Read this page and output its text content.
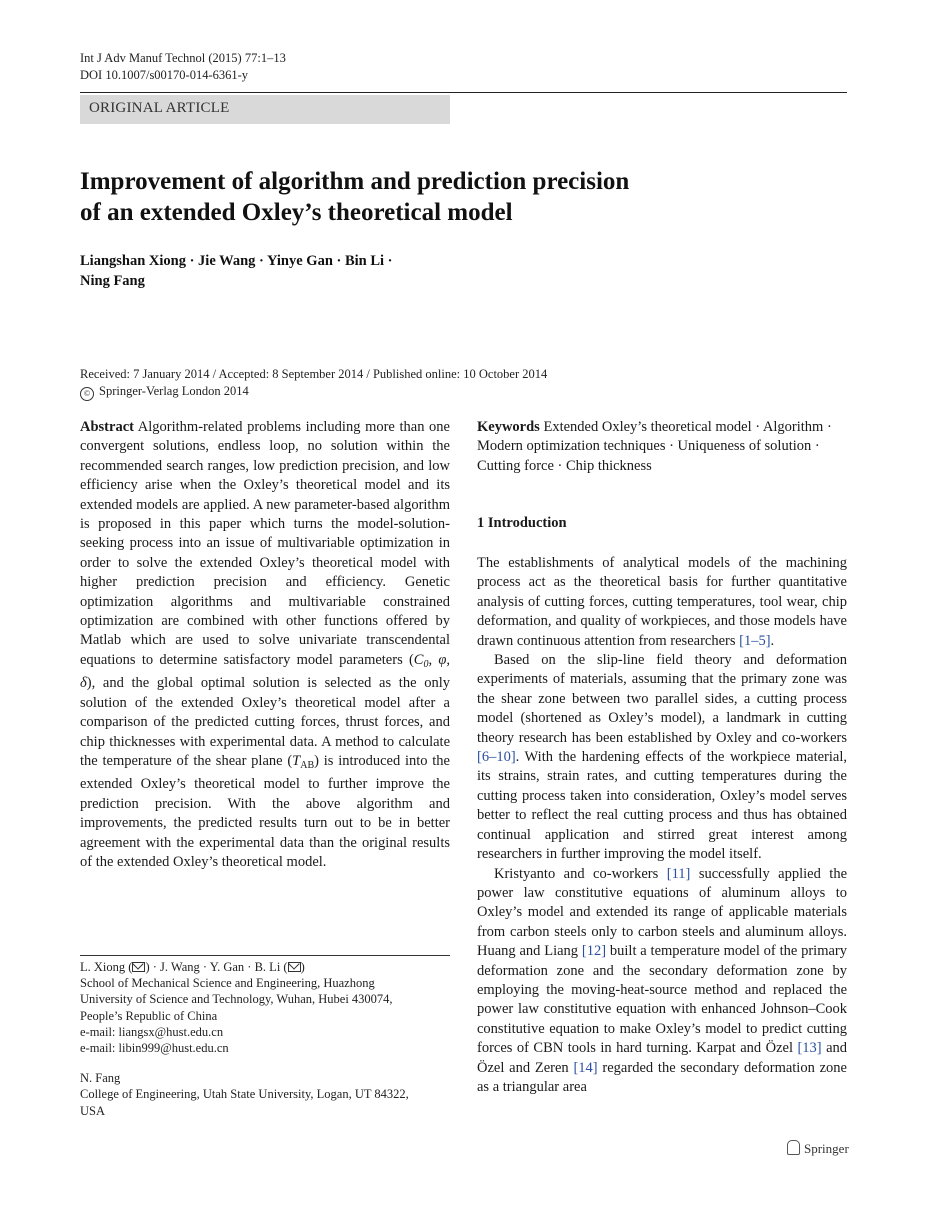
Int J Adv Manuf Technol (2015) 77:1–13
DOI 10.1007/s00170-014-6361-y
ORIGINAL ARTICLE
Improvement of algorithm and prediction precision
of an extended Oxley’s theoretical model
Liangshan Xiong · Jie Wang · Yinye Gan · Bin Li ·
Ning Fang
Received: 7 January 2014 / Accepted: 8 September 2014 / Published online: 10 October 2014
© Springer-Verlag London 2014

Abstract Algorithm-related problems including more than one convergent solutions, endless loop, no solution within the recommended search ranges, low prediction precision, and low efficiency arise when the Oxley’s theoretical model and its extended models are applied. A new parameter-based algorithm is proposed in this paper which turns the model-solution-seeking process into an issue of multivariable optimization in order to solve the extended Oxley’s theoretical model with higher prediction precision and efficiency. Genetic optimization algorithms and multivariable constrained optimization are combined with other functions offered by Matlab which are used to solve univariate transcendental equations to determine satisfactory model parameters ($C_0$, φ, δ), and the global optimal solution is selected as the only solution of the extended Oxley’s theoretical model after a comparison of the predicted cutting forces, thrust forces, and chip thicknesses with experimental data. A method to calculate the temperature of the shear plane $(T_{AB})$ is introduced into the extended Oxley’s theoretical model to further improve the prediction precision. With the above algorithm and improvements, the predicted results turn out to be in better agreement with the experimental data than the original results of the extended Oxley’s theoretical model.

Keywords Extended Oxley’s theoretical model · Algorithm · Modern optimization techniques · Uniqueness of solution · Cutting force · Chip thickness

1 Introduction

The establishments of analytical models of the machining process act as the theoretical basis for further quantitative analysis of cutting forces, cutting temperatures, tool wear, chip deformation, and quality of workpieces, and those models have drawn continuous attention from researchers [1–5].

Based on the slip-line field theory and deformation experiments of materials, assuming that the primary zone was the shear zone between two parallel sides, a cutting process model (shortened as Oxley’s model), a landmark in cutting theory research has been established by Oxley and co-workers [6–10]. With the hardening effects of the workpiece material, its strains, strain rates, and cutting temperatures during the cutting process taken into consideration, Oxley’s model serves better to reflect the real cutting process and thus has obtained continual application and stirred great interest among researchers in further improving the model itself.

Kristyanto and co-workers [11] successfully applied the power law constitutive equations of aluminum alloys to Oxley’s model and extended its range of applicable materials from carbon steels only to carbon steels and aluminum alloys. Huang and Liang [12] built a temperature model of the primary deformation zone and the secondary deformation zone by employing the moving-heat-source method and replaced the power law constitutive equation with enhanced Johnson–Cook constitutive equation to make Oxley’s model to predict cutting forces of CBN tools in hard turning. Karpat and Özel [13] and Özel and Zeren [14] regarded the secondary deformation zone as a triangular area

L. Xiong ( ) · J. Wang · Y. Gan · B. Li ( )
School of Mechanical Science and Engineering, Huazhong
University of Science and Technology, Wuhan, Hubei 430074,
People’s Republic of China
e-mail: liangsx@hust.edu.cn
e-mail: libin999@hust.edu.cn
N. Fang
College of Engineering, Utah State University, Logan, UT 84322,
USA
Springer
